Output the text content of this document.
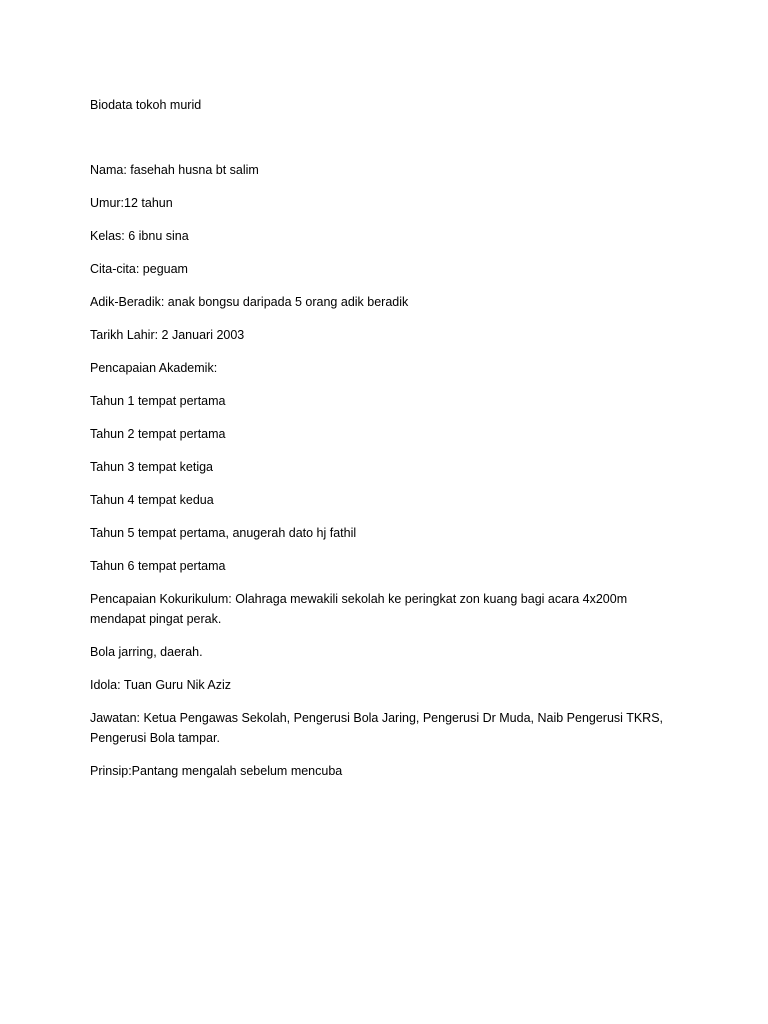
Biodata tokoh murid

Nama: fasehah husna bt salim

Umur:12 tahun

Kelas: 6 ibnu sina

Cita-cita: peguam

Adik-Beradik: anak bongsu daripada 5 orang adik beradik

Tarikh Lahir: 2 Januari 2003

Pencapaian Akademik:

Tahun 1 tempat pertama

Tahun 2 tempat pertama

Tahun 3 tempat ketiga

Tahun 4 tempat kedua

Tahun 5 tempat pertama, anugerah dato hj fathil

Tahun 6 tempat pertama

Pencapaian Kokurikulum: Olahraga mewakili sekolah ke peringkat zon kuang bagi acara 4x200m

mendapat pingat perak.

Bola jarring, daerah.

Idola: Tuan Guru Nik Aziz

Jawatan: Ketua Pengawas Sekolah, Pengerusi Bola Jaring, Pengerusi Dr Muda, Naib Pengerusi TKRS,

Pengerusi Bola tampar.

Prinsip:Pantang mengalah sebelum mencuba
